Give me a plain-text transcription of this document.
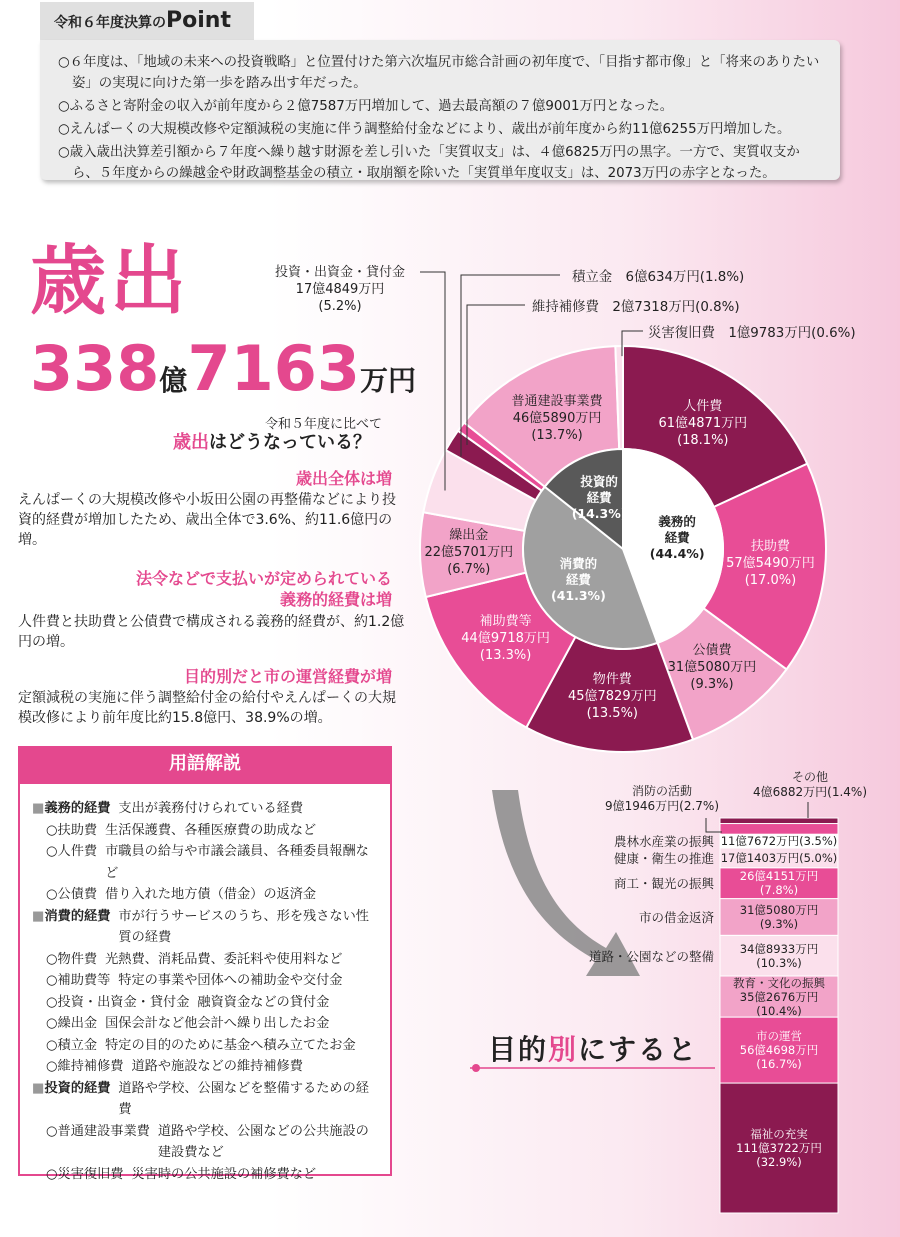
令和６年度決算のPoint

○６年度は、「地域の未来への投資戦略」と位置付けた第六次塩尻市総合計画の初年度で、「目指す都市像」と「将来のありたい姿」の実現に向けた第一歩を踏み出す年だった。

○ふるさと寄附金の収入が前年度から２億7587万円増加して、過去最高額の７億9001万円となった。

○えんぱーくの大規模改修や定額減税の実施に伴う調整給付金などにより、歳出が前年度から約11億6255万円増加した。

○歳入歳出決算差引額から７年度へ繰り越す財源を差し引いた「実質収支」は、４億6825万円の黒字。一方で、実質収支から、５年度からの繰越金や財政調整基金の積立・取崩額を除いた「実質単年度収支」は、2073万円の赤字となった。

歳出
338億7163万円
令和５年度に比べて
歳出はどうなっている？
歳出全体は増
えんぱーくの大規模改修や小坂田公園の再整備などにより投資的経費が増加したため、歳出全体で3.6%、約11.6億円の増。
法令などで支払いが定められている
義務的経費は増
人件費と扶助費と公債費で構成される義務的経費が、約1.2億円の増。
目的別だと市の運営経費が増
定額減税の実施に伴う調整給付金の給付やえんぱーくの大規模改修により前年度比約15.8億円、38.9%の増。
用語解説
■ 義務的経費 支出が義務付けられている経費
○ 扶助費 生活保護費、各種医療費の助成など
○ 人件費 市職員の給与や市議会議員、各種委員報酬など
○ 公債費 借り入れた地方債（借金）の返済金
■ 消費的経費 市が行うサービスのうち、形を残さない性質の経費
○ 物件費 光熱費、消耗品費、委託料や使用料など
○ 補助費等 特定の事業や団体への補助金や交付金
○ 投資・出資金・貸付金 融資資金などの貸付金
○ 繰出金 国保会計など他会計へ繰り出したお金
○ 積立金 特定の目的のために基金へ積み立てたお金
○ 維持補修費 道路や施設などの維持補修費
■ 投資的経費 道路や学校、公園などを整備するための経費
○ 普通建設事業費 道路や学校、公園などの公共施設の建設費など
○ 災害復旧費 災害時の公共施設の補修費など
人件費
61億4871万円
(18.1%)
扶助費
57億5490万円
(17.0%)
公債費
31億5080万円
(9.3%)
物件費
45億7829万円
(13.5%)
補助費等
44億9718万円
(13.3%)
繰出金
22億5701万円
(6.7%)
普通建設事業費
46億5890万円
(13.7%)
義務的
経費
(44.4%)
消費的
経費
(41.3%)
投資的
経費
(14.3%)
投資・出資金・貸付金
17億4849万円
(5.2%)
積立金　6億634万円(1.8%)
維持補修費　2億7318万円(0.8%)
災害復旧費　1億9783万円(0.6%)
福祉の充実
111億3722万円
(32.9%)
市の運営
56億4698万円
(16.7%)
教育・文化の振興
35億2676万円
(10.4%)
34億8933万円
(10.3%)
道路・公園などの整備
31億5080万円
(9.3%)
市の借金返済
26億4151万円
(7.8%)
商工・観光の振興
17億1403万円(5.0%)
健康・衛生の推進
11億7672万円(3.5%)
農林水産業の振興
消防の活動
9億1946万円(2.7%)
その他
4億6882万円(1.4%)
目的別にすると
